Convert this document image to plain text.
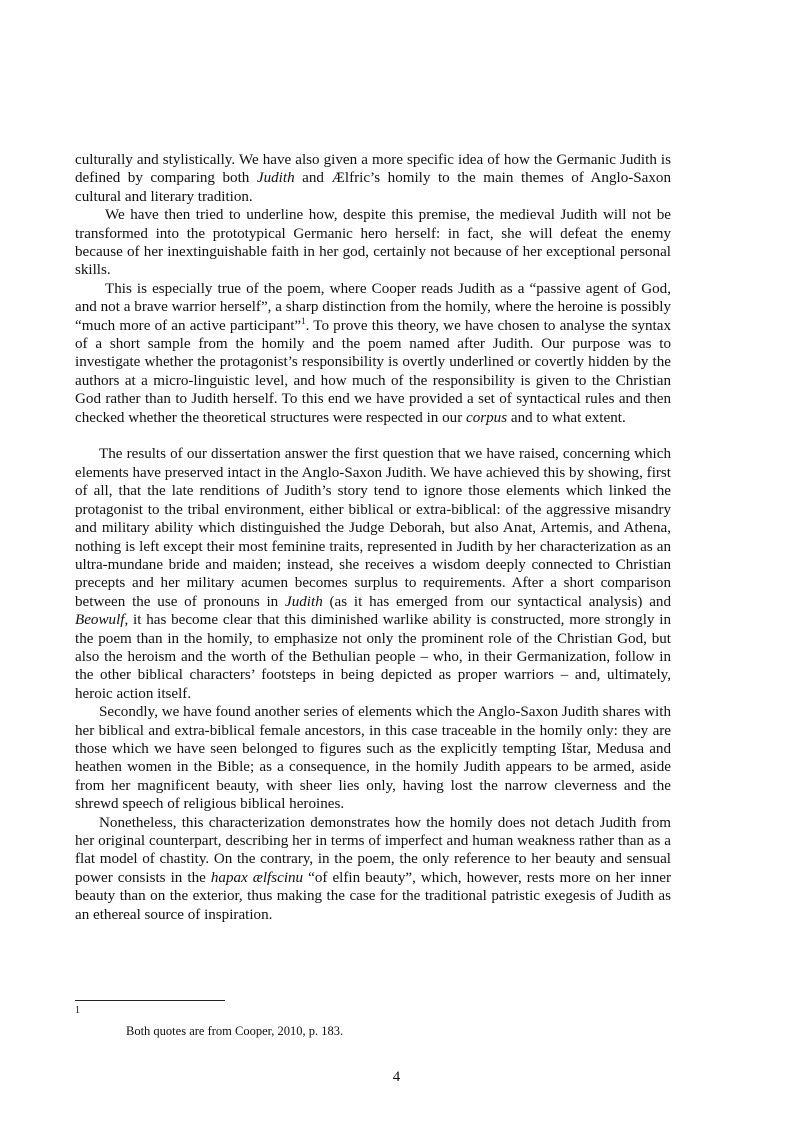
culturally and stylistically. We have also given a more specific idea of how the Germanic Judith is defined by comparing both Judith and Ælfric’s homily to the main themes of Anglo-Saxon cultural and literary tradition.

We have then tried to underline how, despite this premise, the medieval Judith will not be transformed into the prototypical Germanic hero herself: in fact, she will defeat the enemy because of her inextinguishable faith in her god, certainly not because of her exceptional personal skills.

This is especially true of the poem, where Cooper reads Judith as a “passive agent of God, and not a brave warrior herself”, a sharp distinction from the homily, where the heroine is possibly “much more of an active participant”$^1$. To prove this theory, we have chosen to analyse the syntax of a short sample from the homily and the poem named after Judith. Our purpose was to investigate whether the protagonist’s responsibility is overtly underlined or covertly hidden by the authors at a micro-linguistic level, and how much of the responsibility is given to the Christian God rather than to Judith herself. To this end we have provided a set of syntactical rules and then checked whether the theoretical structures were respected in our corpus and to what extent.

The results of our dissertation answer the first question that we have raised, concerning which elements have preserved intact in the Anglo-Saxon Judith. We have achieved this by showing, first of all, that the late renditions of Judith’s story tend to ignore those elements which linked the protagonist to the tribal environment, either biblical or extra-biblical: of the aggressive misandry and military ability which distinguished the Judge Deborah, but also Anat, Artemis, and Athena, nothing is left except their most feminine traits, represented in Judith by her characterization as an ultra-mundane bride and maiden; instead, she receives a wisdom deeply connected to Christian precepts and her military acumen becomes surplus to requirements. After a short comparison between the use of pronouns in Judith (as it has emerged from our syntactical analysis) and Beowulf, it has become clear that this diminished warlike ability is constructed, more strongly in the poem than in the homily, to emphasize not only the prominent role of the Christian God, but also the heroism and the worth of the Bethulian people – who, in their Germanization, follow in the other biblical characters’ footsteps in being depicted as proper warriors – and, ultimately, heroic action itself.

Secondly, we have found another series of elements which the Anglo-Saxon Judith shares with her biblical and extra-biblical female ancestors, in this case traceable in the homily only: they are those which we have seen belonged to figures such as the explicitly tempting Ištar, Medusa and heathen women in the Bible; as a consequence, in the homily Judith appears to be armed, aside from her magnificent beauty, with sheer lies only, having lost the narrow cleverness and the shrewd speech of religious biblical heroines.

Nonetheless, this characterization demonstrates how the homily does not detach Judith from her original counterpart, describing her in terms of imperfect and human weakness rather than as a flat model of chastity. On the contrary, in the poem, the only reference to her beauty and sensual power consists in the hapax ælfscinu “of elfin beauty”, which, however, rests more on her inner beauty than on the exterior, thus making the case for the traditional patristic exegesis of Judith as an ethereal source of inspiration.

1
Both quotes are from Cooper, 2010, p. 183.
4
